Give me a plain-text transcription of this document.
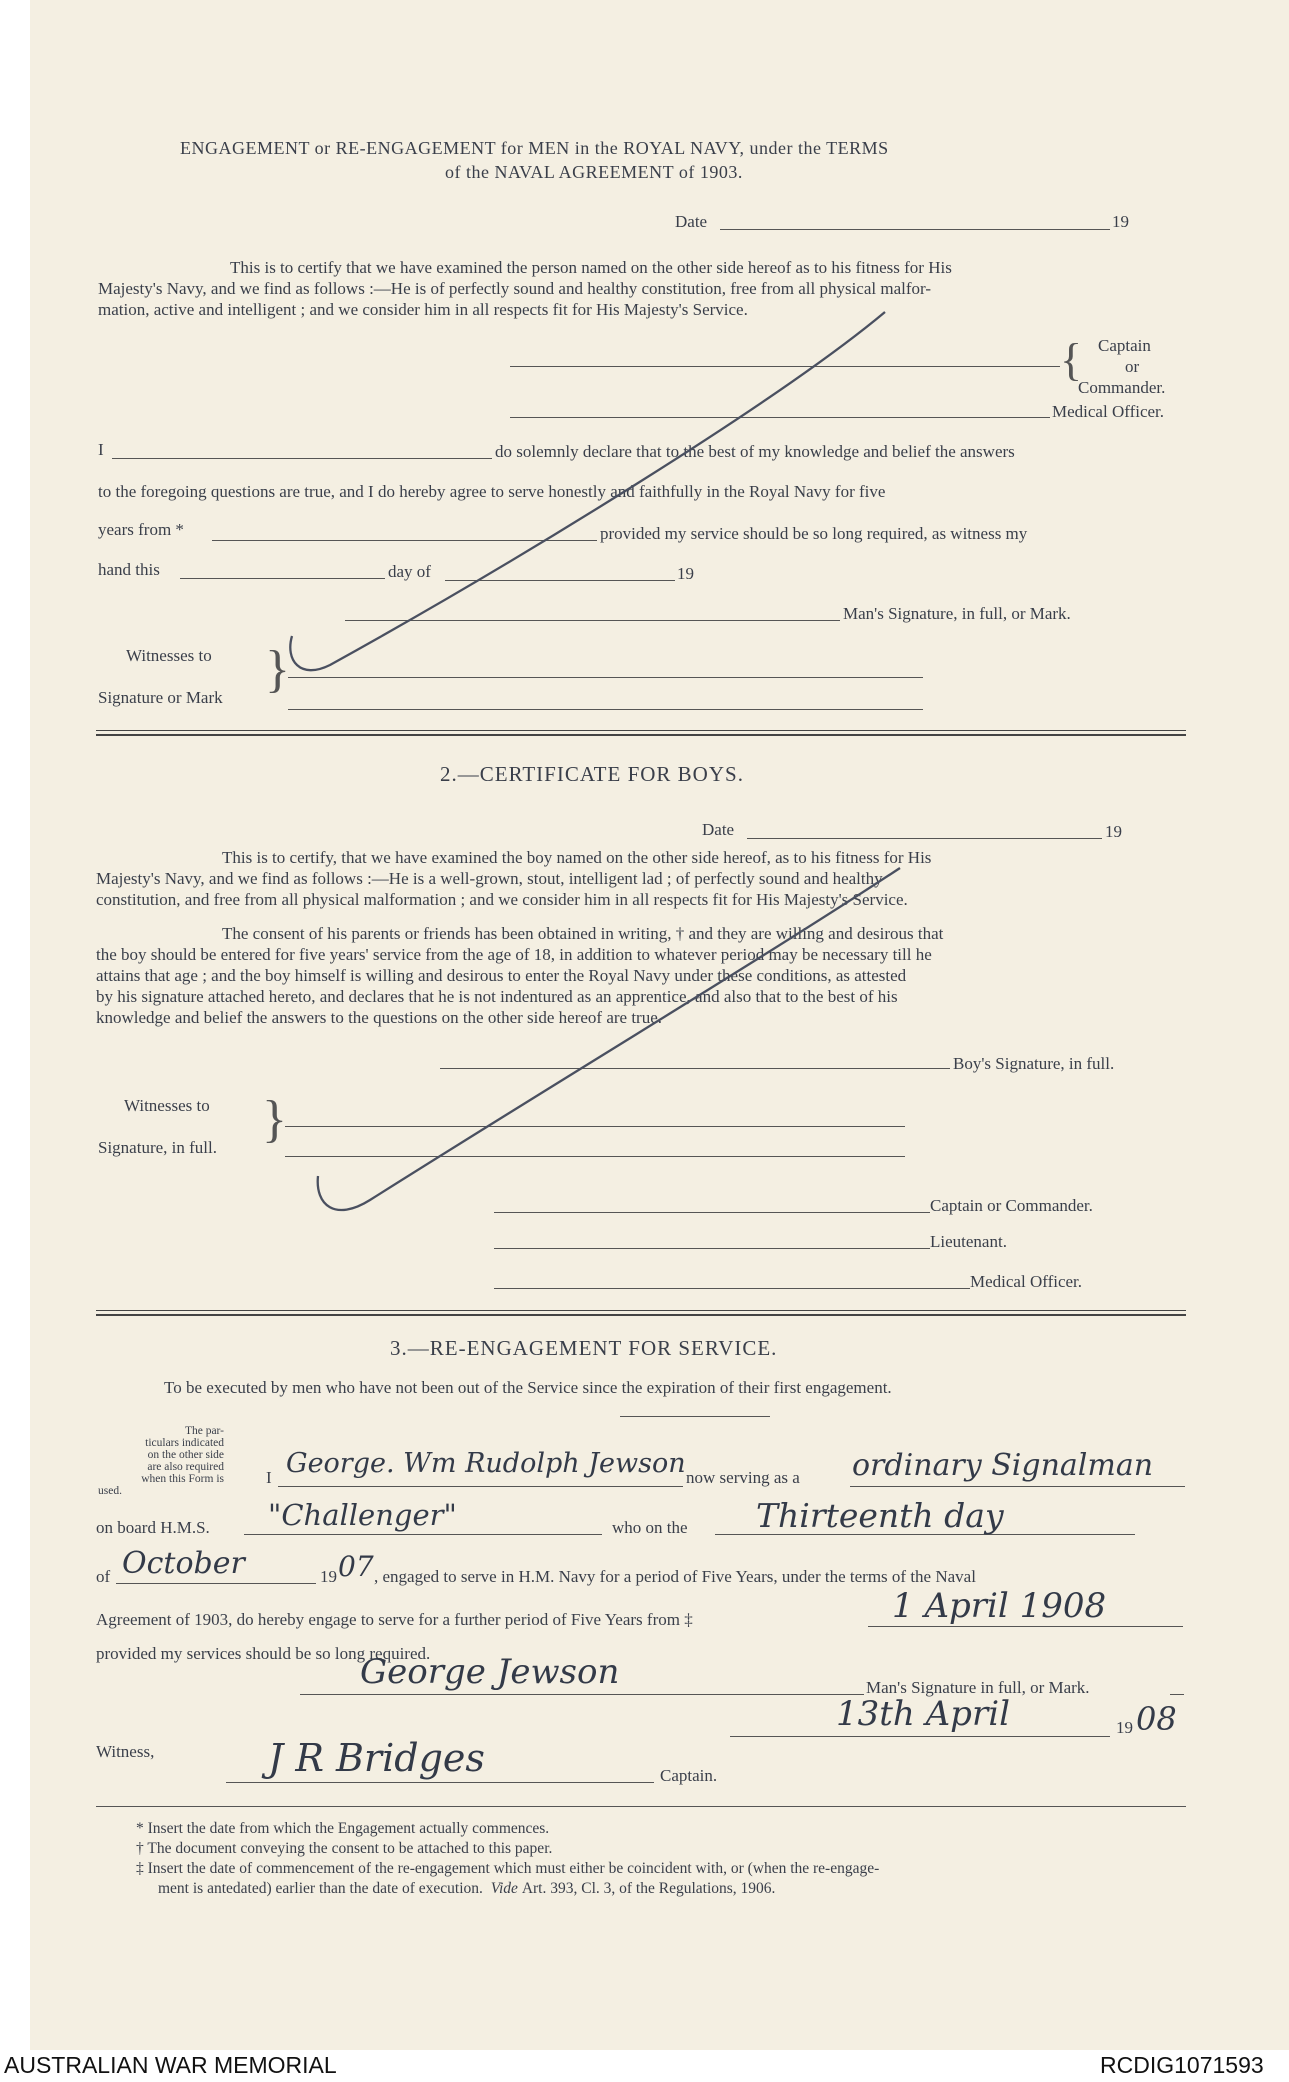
ENGAGEMENT or RE-ENGAGEMENT for MEN in the ROYAL NAVY, under the TERMS
of the NAVAL AGREEMENT of 1903.
Date	19
This is to certify that we have examined the person named on the other side hereof as to his fitness for His
Majesty's Navy, and we find as follows :—He is of perfectly sound and healthy constitution, free from all physical malfor-
mation, active and intelligent ; and we consider him in all respects fit for His Majesty's Service.
{ Captain
or
Commander.
Medical Officer.
I	do solemnly declare that to the best of my knowledge and belief the answers
to the foregoing questions are true, and I do hereby agree to serve honestly and faithfully in the Royal Navy for five
years from *	provided my service should be so long required, as witness my
hand this	day of	19
Man's Signature, in full, or Mark.
Witnesses to
Signature or Mark }
2.—CERTIFICATE FOR BOYS.
Date	19
This is to certify, that we have examined the boy named on the other side hereof, as to his fitness for His
Majesty's Navy, and we find as follows :—He is a well-grown, stout, intelligent lad ; of perfectly sound and healthy
constitution, and free from all physical malformation ; and we consider him in all respects fit for His Majesty's Service.
The consent of his parents or friends has been obtained in writing, † and they are willing and desirous that
the boy should be entered for five years' service from the age of 18, in addition to whatever period may be necessary till he
attains that age ; and the boy himself is willing and desirous to enter the Royal Navy under these conditions, as attested
by his signature attached hereto, and declares that he is not indentured as an apprentice, and also that to the best of his
knowledge and belief the answers to the questions on the other side hereof are true.
Boy's Signature, in full.
Witnesses to
Signature, in full. }
Captain or Commander.
Lieutenant.
Medical Officer.
3.—RE-ENGAGEMENT FOR SERVICE.
To be executed by men who have not been out of the Service since the expiration of their first engagement.
The par-
ticulars indicated
on the other side
are also required
when this Form is
used.
I George. Wm Rudolph Jewson now serving as a ordinary Signalman
on board H.M.S. "Challenger"	who on the Thirteenth day
of October	19 07 , engaged to serve in H.M. Navy for a period of Five Years, under the terms of the Naval
Agreement of 1903, do hereby engage to serve for a further period of Five Years from ‡	1 April 1908
provided my services should be so long required.
George Jewson	Man's Signature in full, or Mark.
13th April	19 08
Witness,	J R Bridges	Captain.
* Insert the date from which the Engagement actually commences.
† The document conveying the consent to be attached to this paper.
‡ Insert the date of commencement of the re-engagement which must either be coincident with, or (when the re-engage-
ment is antedated) earlier than the date of execution. Vide Art. 393, Cl. 3, of the Regulations, 1906.
AUSTRALIAN WAR MEMORIAL	RCDIG1071593
